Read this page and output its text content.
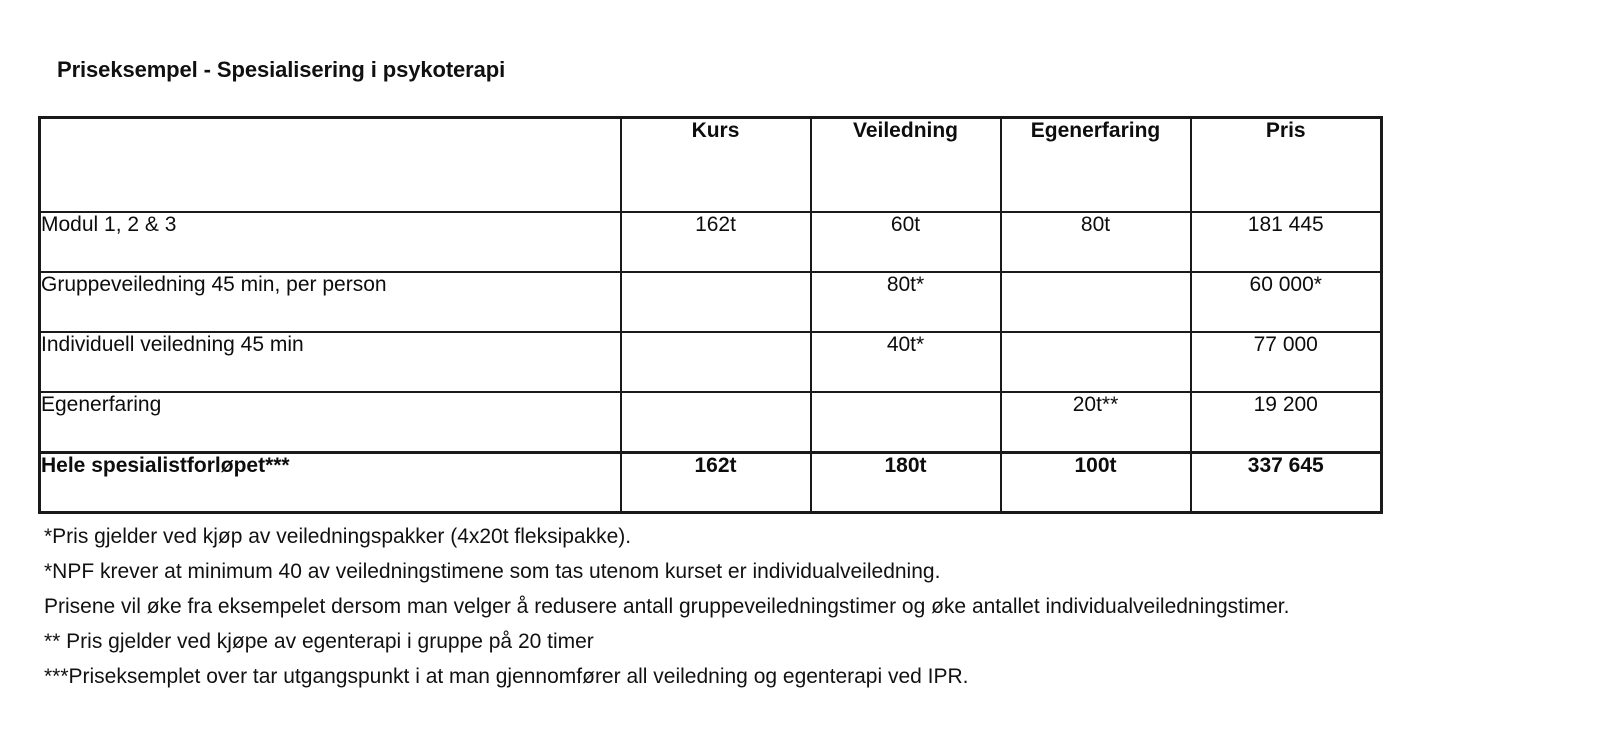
Priseksempel - Spesialisering i psykoterapi
	Kurs	Veiledning	Egenerfaring	Pris
Modul 1, 2 & 3	162t	60t	80t	181 445
Gruppeveiledning 45 min, per person		80t*		60 000*
Individuell veiledning 45 min		40t*		77 000
Egenerfaring			20t**	19 200
Hele spesialistforløpet***	162t	180t	100t	337 645
*Pris gjelder ved kjøp av veiledningspakker (4x20t fleksipakke).
*NPF krever at minimum 40 av veiledningstimene som tas utenom kurset er individualveiledning.
Prisene vil øke fra eksempelet dersom man velger å redusere antall gruppeveiledningstimer og øke antallet individualveiledningstimer.
** Pris gjelder ved kjøpe av egenterapi i gruppe på 20 timer
***Priseksemplet over tar utgangspunkt i at man gjennomfører all veiledning og egenterapi ved IPR.
